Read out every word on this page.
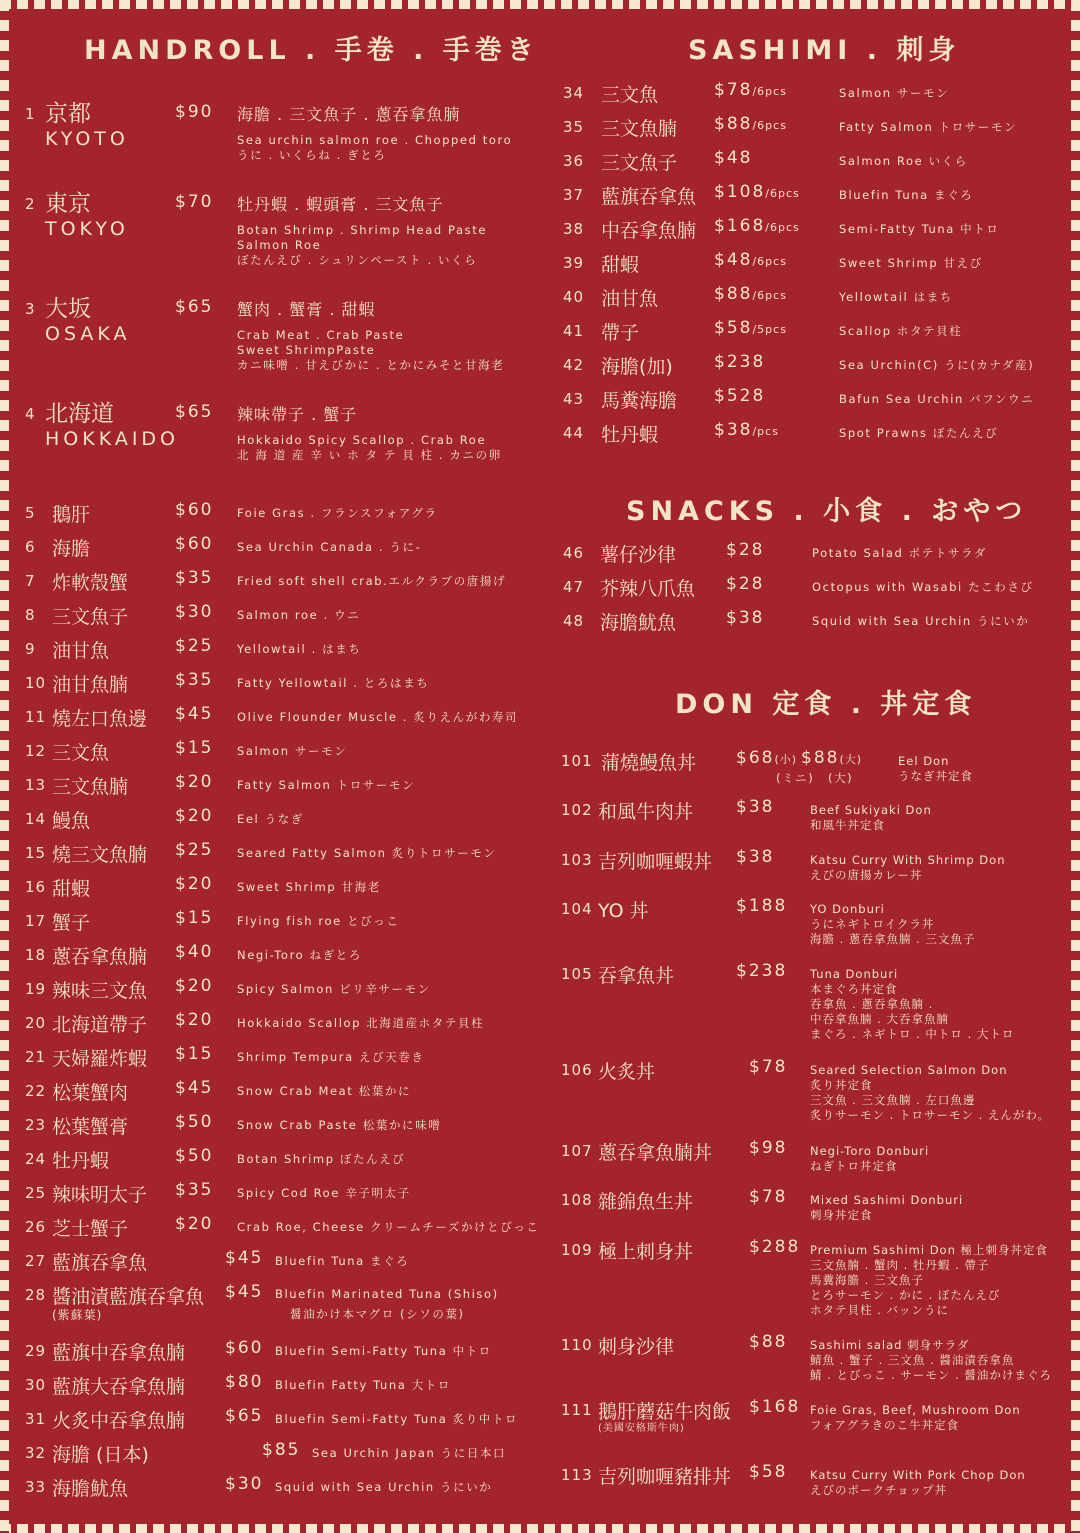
HANDROLL . 手卷 . 手巻き	SASHIMI . 刺身
SNACKS . 小食 . おやつ
DON 定食 . 丼定食
1 京都
KYOTO
$90 海膽 . 三文魚子 . 蔥吞拿魚腩
Sea urchin salmon roe . Chopped toro
うに . いくらね . ぎとろ
2 東京
TOKYO
$70 牡丹蝦 . 蝦頭膏 . 三文魚子
Botan Shrimp . Shrimp Head Paste
Salmon Roe
ぼたんえび . シュリンペースト . いくら
3 大坂
OSAKA
$65 蟹肉 . 蟹膏 . 甜蝦
Crab Meat . Crab Paste
Sweet ShrimpPaste
カニ味噌 . 甘えびかに . とかにみそと甘海老
4 北海道
HOKKAIDO
$65 辣味帶子 . 蟹子
Hokkaido Spicy Scallop . Crab Roe
北 海 道 産 辛 い ホ タ テ 貝 柱 . カニの卵
5 鵝肝	$60 Foie Gras . フランスフォアグラ
6 海膽	$60 Sea Urchin Canada . うに-
7 炸軟殼蟹	$35 Fried soft shell crab.エルクラブの唐揚げ
8 三文魚子	$30 Salmon roe . ウニ
9 油甘魚	$25 Yellowtail . はまち
10 油甘魚腩	$35 Fatty Yellowtail . とろはまち
11 燒左口魚邊 $45 Olive Flounder Muscle . 炙りえんがわ寿司
12 三文魚	$15 Salmon サーモン
13 三文魚腩	$20 Fatty Salmon トロサーモン
14 鰻魚	$20 Eel うなぎ
15 燒三文魚腩 $25 Seared Fatty Salmon 炙りトロサーモン
16 甜蝦	$20 Sweet Shrimp 甘海老
17 蟹子	$15 Flying fish roe とびっこ
18 蔥吞拿魚腩 $40 Negi-Toro ねぎとろ
19 辣味三文魚 $20 Spicy Salmon ピリ辛サーモン
20 北海道帶子 $20 Hokkaido Scallop 北海道産ホタテ貝柱
21 天婦羅炸蝦 $15 Shrimp Tempura えび天巻き
22 松葉蟹肉	$45 Snow Crab Meat 松葉かに
23 松葉蟹膏	$50 Snow Crab Paste 松葉かに味噌
24 牡丹蝦	$50 Botan Shrimp ぼたんえび
25 辣味明太子 $35 Spicy Cod Roe 辛子明太子
26 芝士蟹子	$20 Crab Roe, Cheese クリームチーズかけとびっこ
27 藍旗吞拿魚	$45 Bluefin Tuna まぐろ
28 醬油漬藍旗吞拿魚
(紫蘇葉)
$45 Bluefin Marinated Tuna (Shiso)
醤油かけ本マグロ (シソの葉)
29 藍旗中吞拿魚腩 $60 Bluefin Semi-Fatty Tuna 中トロ
30 藍旗大吞拿魚腩 $80 Bluefin Fatty Tuna 大トロ
31 火炙中吞拿魚腩 $65 Bluefin Semi-Fatty Tuna 炙り中トロ
32 海膽 (日本)	$85 Sea Urchin Japan うに日本口
33 海膽魷魚	$30 Squid with Sea Urchin うにいか
34 三文魚	$78/6pcs	Salmon サーモン
35 三文魚腩 $88/6pcs	Fatty Salmon トロサーモン
36 三文魚子 $48	Salmon Roe いくら
37 藍旗吞拿魚 $108/6pcs	Bluefin Tuna まぐろ
38 中吞拿魚腩 $168/6pcs	Semi-Fatty Tuna 中トロ
39 甜蝦	$48/6pcs	Sweet Shrimp 甘えび
40 油甘魚	$88/6pcs	Yellowtail はまち
41 帶子	$58/5pcs	Scallop ホタテ貝柱
42 海膽(加) $238	Sea Urchin(C) うに(カナダ産)
43 馬糞海膽 $528	Bafun Sea Urchin バフンウニ
44 牡丹蝦	$38/pcs	Spot Prawns ぼたんえび
46 薯仔沙律	$28	Potato Salad ポテトサラダ
47 芥辣八爪魚 $28	Octopus with Wasabi たこわさび
48 海膽魷魚	$38	Squid with Sea Urchin うにいか
101 蒲燒鰻魚丼 $68(小) $88(大)
(ミニ) (大)
Eel Don
うなぎ丼定食
102 和風牛肉丼	$38	Beef Sukiyaki Don
和風牛丼定食
103 吉列咖喱蝦丼 $38	Katsu Curry With Shrimp Don
えびの唐揚カレー丼
104 YO 丼	$188 YO Donburi
うにネギトロイクラ丼
海膽 . 蔥吞拿魚腩 . 三文魚子
105 吞拿魚丼	$238 Tuna Donburi
本まぐろ丼定食
吞拿魚 . 蔥吞拿魚腩 .
中吞拿魚腩 . 大吞拿魚腩
まぐろ . ネギトロ . 中トロ . 大トロ
106 火炙丼	$78 Seared Selection Salmon Don
炙り丼定食
三文魚 . 三文魚腩 . 左口魚邊
炙りサーモン . トロサーモン . えんがわ。
107 蔥吞拿魚腩丼 $98 Negi-Toro Donburi
ねぎトロ丼定食
108 雜錦魚生丼	$78 Mixed Sashimi Donburi
刺身丼定食
109 極上刺身丼	$288 Premium Sashimi Don 極上刺身丼定食
三文魚腩 . 蟹肉 . 牡丹蝦 . 帶子
馬糞海膽 . 三文魚子
とろサーモン . かに . ぼたんえび
ホタテ貝柱 . バッンうに
110 刺身沙律	$88 Sashimi salad 刺身サラダ
鯖魚 . 蟹子 . 三文魚 . 醬油漬吞拿魚
鯖 . とびっこ . サーモン . 醤油かけまぐろ
111 鵝肝蘑菇牛肉飯
(美國安格斯牛肉)
$168 Foie Gras, Beef, Mushroom Don
フォアグラきのこ牛丼定食
113 吉列咖喱豬排丼 $58 Katsu Curry With Pork Chop Don
えびのポークチョップ丼
